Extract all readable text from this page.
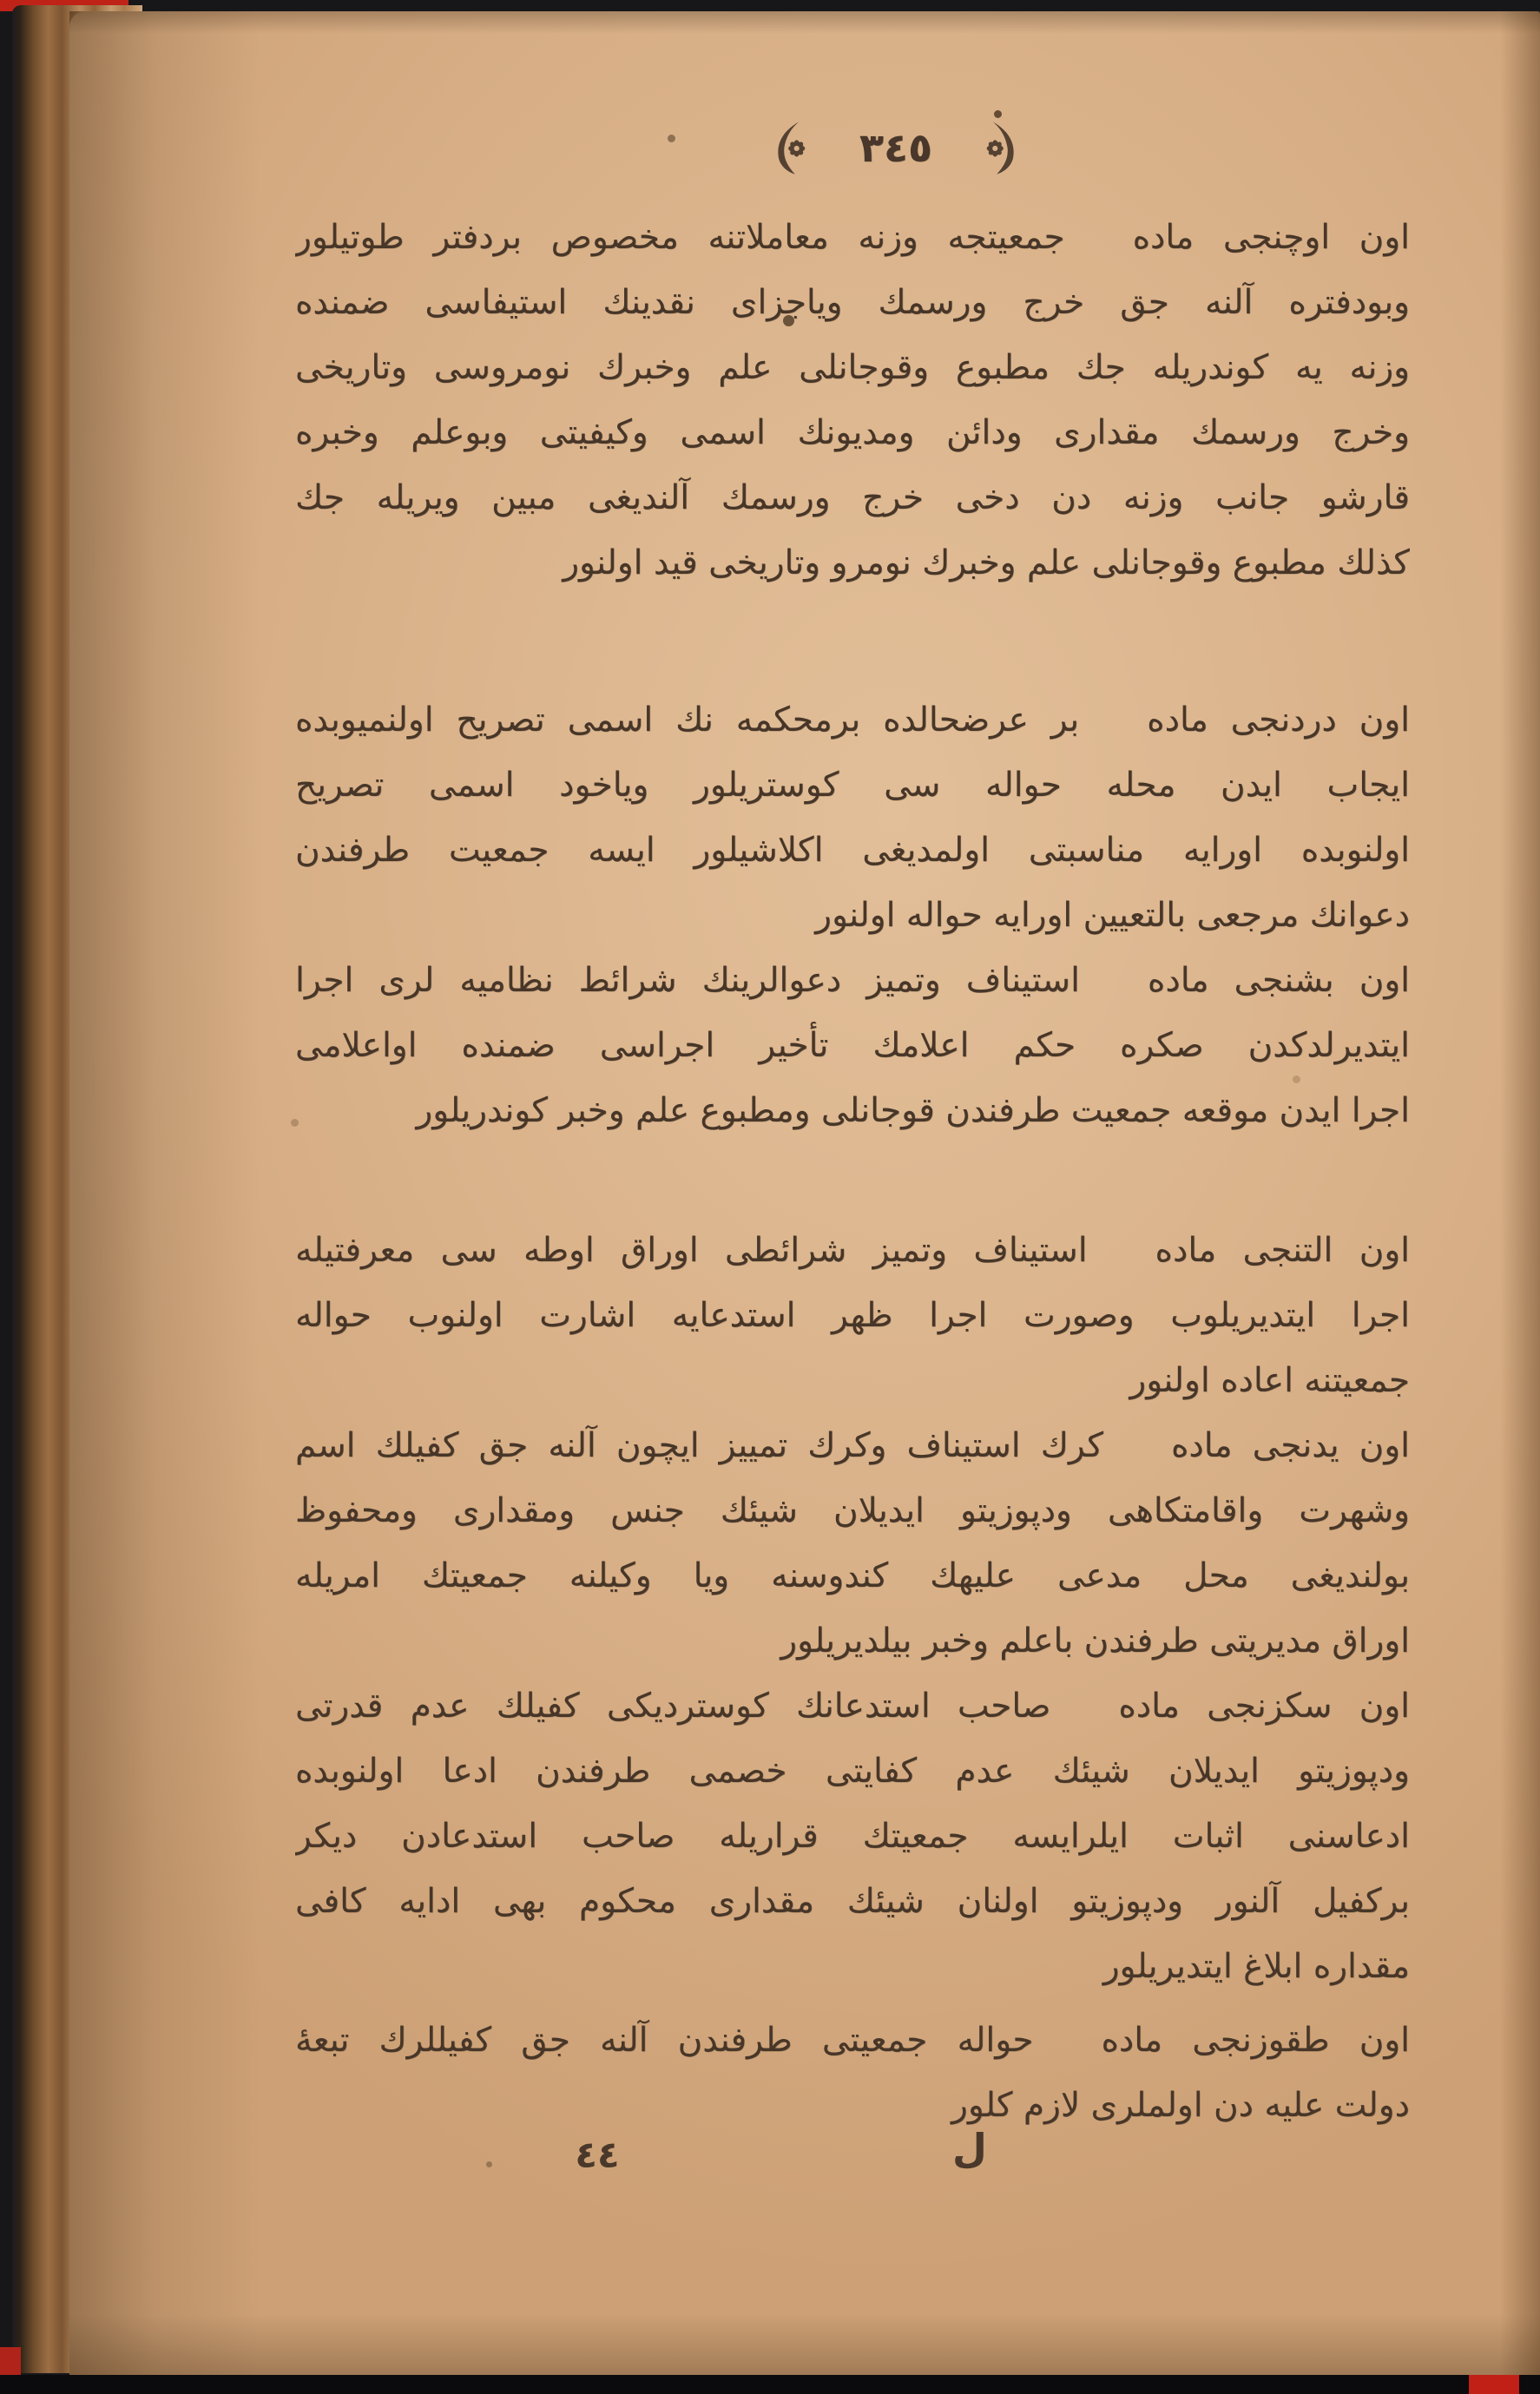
٣٤٥
اون اوچنجی ماده  جمعیتجه وزنه معاملاتنه مخصوص بردفتر طوتیلور
وبودفتره آلنه جق خرج ورسمك ویاجزای نقدینك استیفاسی ضمنده
وزنه یه كوندریله جك مطبوع وقوجانلی علم وخبرك نومروسی وتاریخی
وخرج ورسمك مقداری ودائن ومدیونك اسمی وكیفیتی وبوعلم وخبره
قارشو جانب وزنه دن دخی خرج ورسمك آلندیغی مبین ویریله جك
كذلك مطبوع وقوجانلی علم وخبرك نومرو وتاریخی قید اولنور
اون دردنجی ماده  بر عرضحالده برمحكمه نك اسمی تصریح اولنمیوبده
ایجاب ایدن محله حواله سی كوستریلور ویاخود اسمی تصریح
اولنوبده اورایه مناسبتی اولمدیغی اكلاشیلور ایسه جمعیت طرفندن
دعوانك مرجعی بالتعیین اورایه حواله اولنور
اون بشنجی ماده  استیناف وتمیز دعوالرینك شرائط نظامیه لری اجرا
ایتدیرلدكدن صكره حكم اعلامك تأخیر اجراسی ضمنده اواعلامی
اجرا ایدن موقعه جمعیت طرفندن قوجانلی ومطبوع علم وخبر كوندریلور
اون التنجی ماده  استیناف وتمیز شرائطی اوراق اوطه سی معرفتیله
اجرا ایتدیریلوب وصورت اجرا ظهر استدعایه اشارت اولنوب حواله
جمعیتنه اعاده اولنور
اون یدنجی ماده  كرك استیناف وكرك تمییز ایچون آلنه جق كفیلك اسم
وشهرت واقامتكاهی ودپوزیتو ایدیلان شیئك جنس ومقداری ومحفوظ
بولندیغی محل مدعی علیهك كندوسنه ویا وكیلنه جمعیتك امریله
اوراق مدیریتی طرفندن باعلم وخبر بیلدیریلور
اون سكزنجی ماده  صاحب استدعانك كوستردیكی كفیلك عدم قدرتی
ودپوزیتو ایدیلان شیئك عدم كفایتی خصمی طرفندن ادعا اولنوبده
ادعاسنی اثبات ایلرایسه جمعیتك قراریله صاحب استدعادن دیكر
بركفیل آلنور ودپوزیتو اولنان شیئك مقداری محكوم بهی ادایه كافی
مقداره ابلاغ ایتدیریلور
اون طقوزنجی ماده  حواله جمعیتی طرفندن آلنه جق كفیللرك تبعهٔ
دولت علیه دن اولملری لازم كلور
٤٤	ل
